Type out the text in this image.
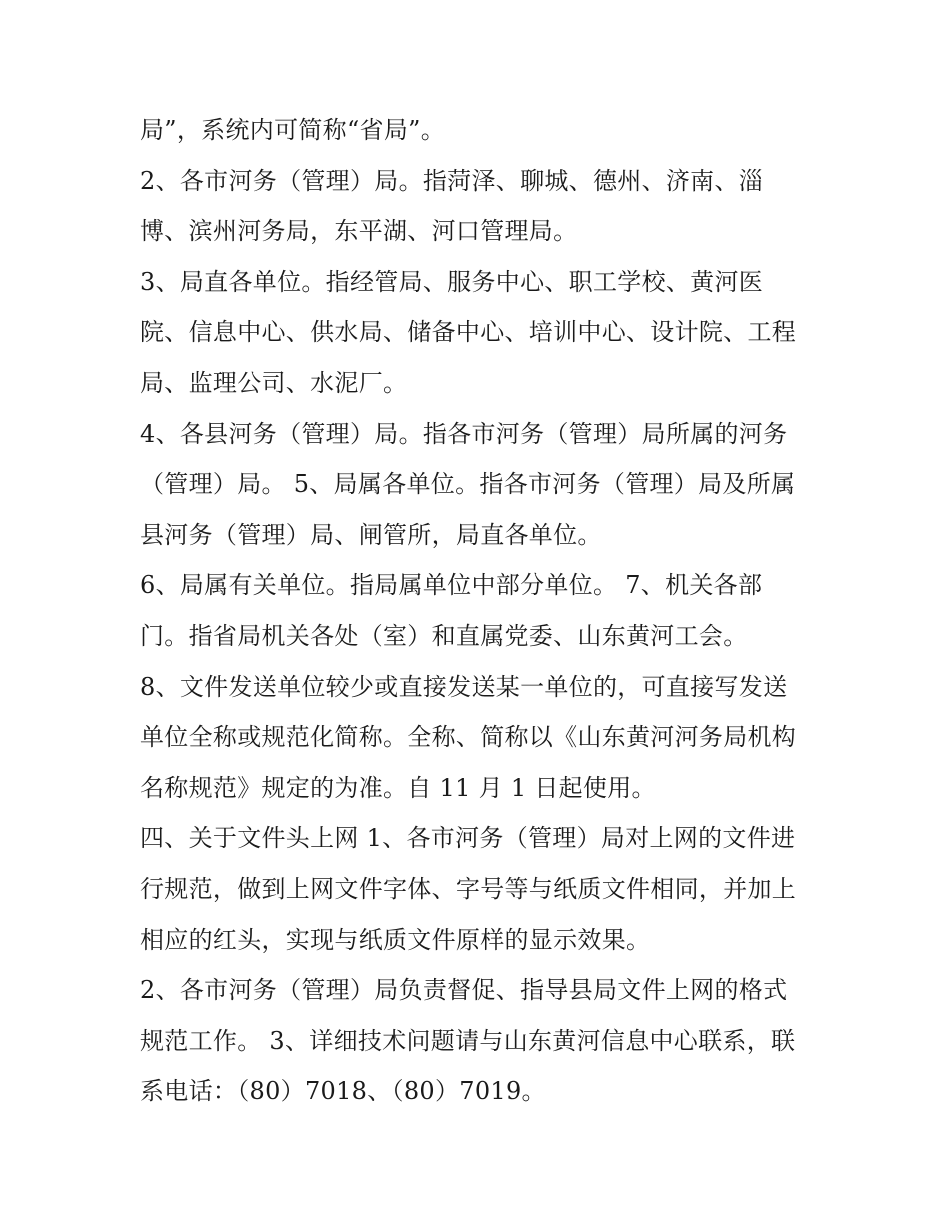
局”，系统内可简称“省局”。
2、各市河务（管理）局。指菏泽、聊城、德州、济南、淄
博、滨州河务局，东平湖、河口管理局。
3、局直各单位。指经管局、服务中心、职工学校、黄河医
院、信息中心、供水局、储备中心、培训中心、设计院、工程
局、监理公司、水泥厂。
4、各县河务（管理）局。指各市河务（管理）局所属的河务
（管理）局。 5、局属各单位。指各市河务（管理）局及所属
县河务（管理）局、闸管所，局直各单位。
6、局属有关单位。指局属单位中部分单位。 7、机关各部
门。指省局机关各处（室）和直属党委、山东黄河工会。
8、文件发送单位较少或直接发送某一单位的，可直接写发送
单位全称或规范化简称。全称、简称以《山东黄河河务局机构
名称规范》规定的为准。自 11 月 1 日起使用。
四、关于文件头上网 1、各市河务（管理）局对上网的文件进
行规范，做到上网文件字体、字号等与纸质文件相同，并加上
相应的红头，实现与纸质文件原样的显示效果。
2、各市河务（管理）局负责督促、指导县局文件上网的格式
规范工作。 3、详细技术问题请与山东黄河信息中心联系，联
系电话：（80）7018、（80）7019。
